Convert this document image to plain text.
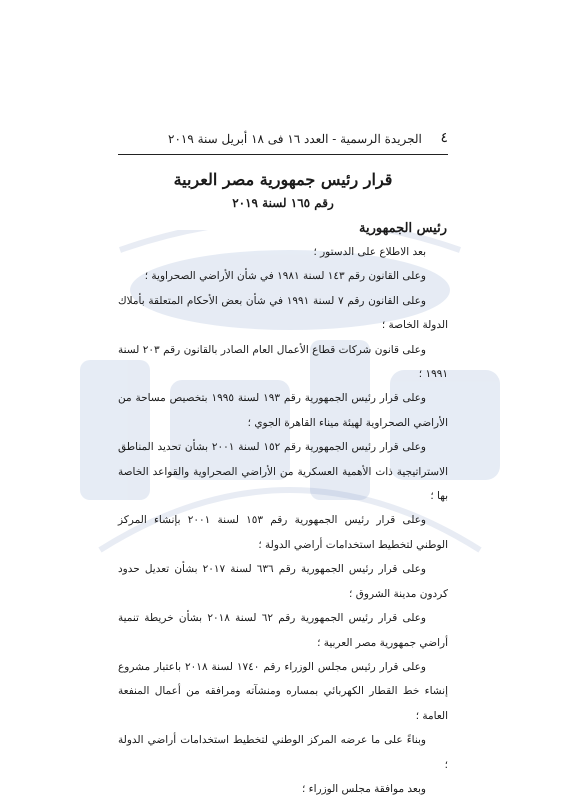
٤
الجريدة الرسمية - العدد ١٦ فى ١٨ أبريل سنة ٢٠١٩
قرار رئيس جمهورية مصر العربية
رقم ١٦٥ لسنة ٢٠١٩
رئيس الجمهورية

بعد الاطلاع على الدستور ؛

وعلى القانون رقم ١٤٣ لسنة ١٩٨١ في شأن الأراضي الصحراوية ؛

وعلى القانون رقم ٧ لسنة ١٩٩١ في شأن بعض الأحكام المتعلقة بأملاك الدولة الخاصة ؛

وعلى قانون شركات قطاع الأعمال العام الصادر بالقانون رقم ٢٠٣ لسنة ١٩٩١ ؛

وعلى قرار رئيس الجمهورية رقم ١٩٣ لسنة ١٩٩٥ بتخصيص مساحة من الأراضي الصحراوية لهيئة ميناء القاهرة الجوي ؛

وعلى قرار رئيس الجمهورية رقم ١٥٢ لسنة ٢٠٠١ بشأن تحديد المناطق الاستراتيجية ذات الأهمية العسكرية من الأراضي الصحراوية والقواعد الخاصة بها ؛

وعلى قرار رئيس الجمهورية رقم ١٥٣ لسنة ٢٠٠١ بإنشاء المركز الوطني لتخطيط استخدامات أراضي الدولة ؛

وعلى قرار رئيس الجمهورية رقم ٦٣٦ لسنة ٢٠١٧ بشأن تعديل حدود كردون مدينة الشروق ؛

وعلى قرار رئيس الجمهورية رقم ٦٢ لسنة ٢٠١٨ بشأن خريطة تنمية أراضي جمهورية مصر العربية ؛

وعلى قرار رئيس مجلس الوزراء رقم ١٧٤٠ لسنة ٢٠١٨ باعتبار مشروع إنشاء خط القطار الكهربائي بمساره ومنشآته ومرافقه من أعمال المنفعة العامة ؛

وبناءً على ما عرضه المركز الوطني لتخطيط استخدامات أراضي الدولة ؛

وبعد موافقة مجلس الوزراء ؛
